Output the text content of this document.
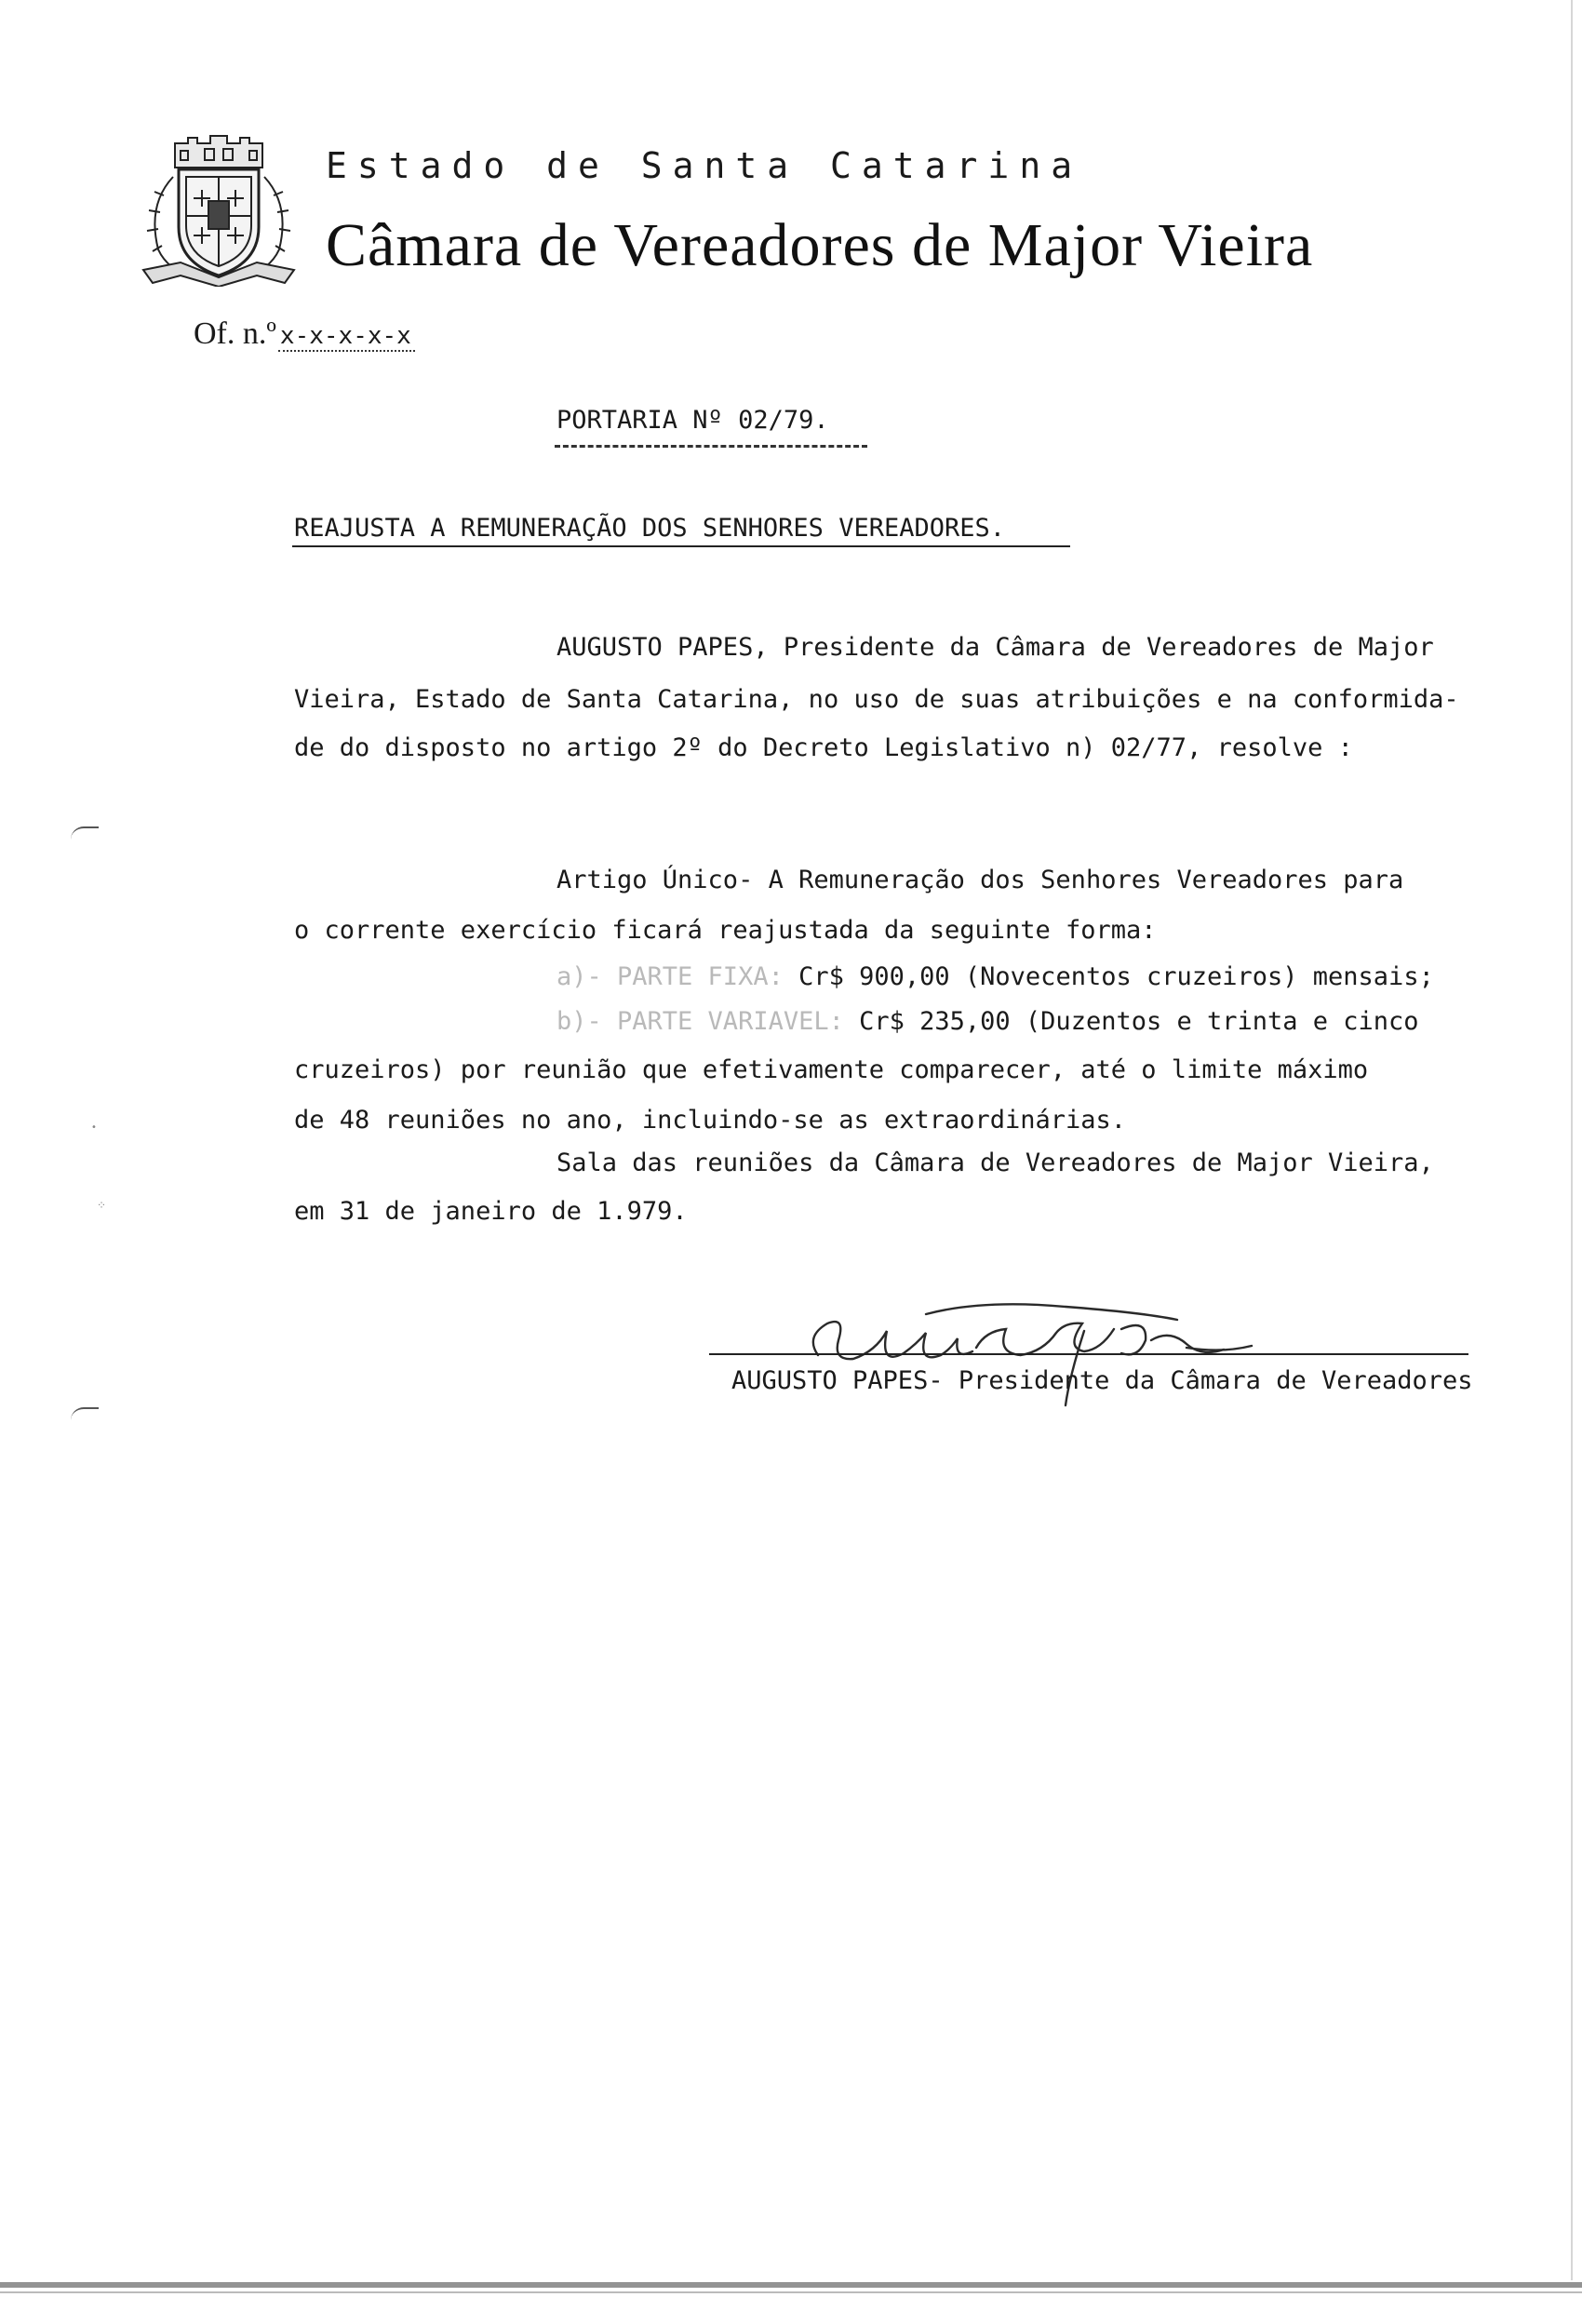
•
⁘
Estado de Santa Catarina
Câmara de Vereadores de Major Vieira
Of. n.º x-x-x-x-x
PORTARIA Nº 02/79.
REAJUSTA A REMUNERAÇÃO DOS SENHORES VEREADORES.
AUGUSTO PAPES, Presidente da Câmara de Vereadores de Major
Vieira, Estado de Santa Catarina, no uso de suas atribuições e na conformida-
de do disposto no artigo 2º do Decreto Legislativo n) 02/77, resolve :
Artigo Único- A Remuneração dos Senhores Vereadores para
o corrente exercício ficará reajustada da seguinte forma:
a)- PARTE FIXA: Cr$ 900,00 (Novecentos cruzeiros) mensais;
b)- PARTE VARIAVEL: Cr$ 235,00 (Duzentos e trinta e cinco
cruzeiros) por reunião que efetivamente comparecer, até o limite máximo
de 48 reuniões no ano, incluindo-se as extraordinárias.
Sala das reuniões da Câmara de Vereadores de Major Vieira,
em 31 de janeiro de 1.979.
AUGUSTO PAPES- Presidente da Câmara de Vereadores
